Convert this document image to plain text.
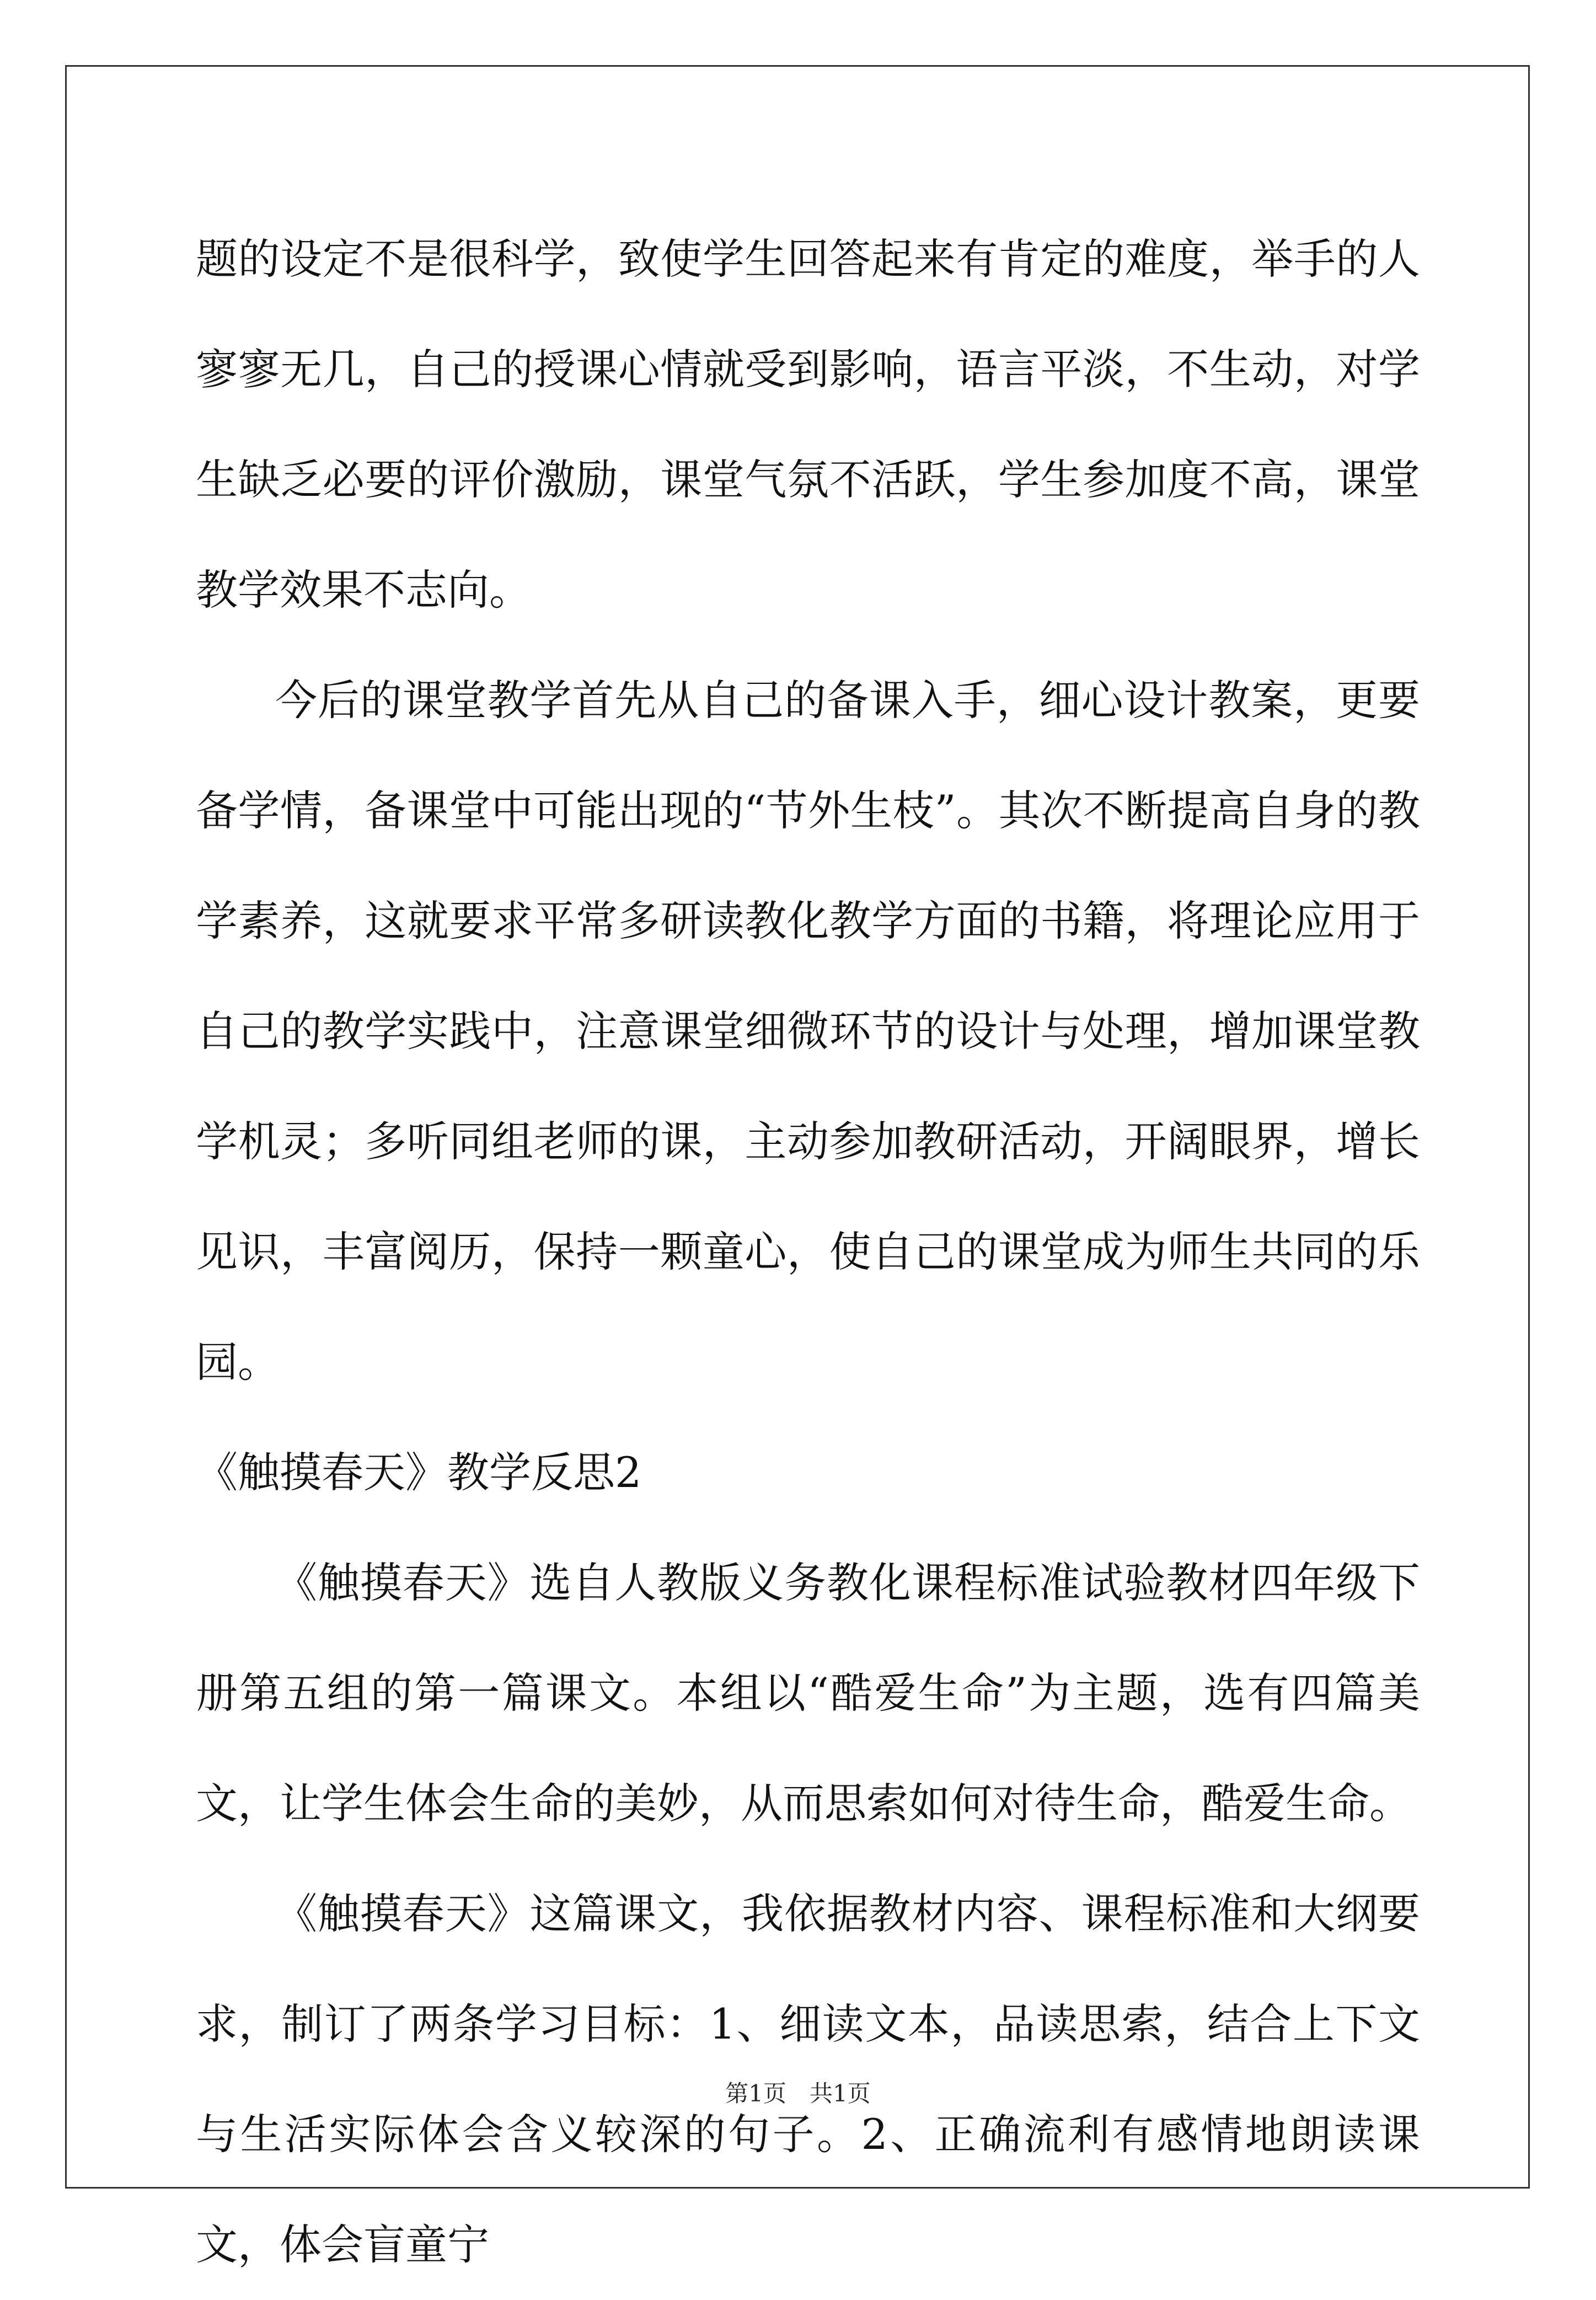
题的设定不是很科学，致使学生回答起来有肯定的难度，举手的人寥寥无几，自己的授课心情就受到影响，语言平淡，不生动，对学生缺乏必要的评价激励，课堂气氛不活跃，学生参加度不高，课堂教学效果不志向。

今后的课堂教学首先从自己的备课入手，细心设计教案，更要备学情，备课堂中可能出现的“节外生枝”。其次不断提高自身的教学素养，这就要求平常多研读教化教学方面的书籍，将理论应用于自己的教学实践中，注意课堂细微环节的设计与处理，增加课堂教学机灵；多听同组老师的课，主动参加教研活动，开阔眼界，增长见识，丰富阅历，保持一颗童心，使自己的课堂成为师生共同的乐园。

《触摸春天》教学反思2

《触摸春天》选自人教版义务教化课程标准试验教材四年级下册第五组的第一篇课文。本组以“酷爱生命”为主题，选有四篇美文，让学生体会生命的美妙，从而思索如何对待生命，酷爱生命。

《触摸春天》这篇课文，我依据教材内容、课程标准和大纲要求，制订了两条学习目标：1、细读文本，品读思索，结合上下文与生活实际体会含义较深的句子。2、正确流利有感情地朗读课文，体会盲童宁

第1页　共1页
